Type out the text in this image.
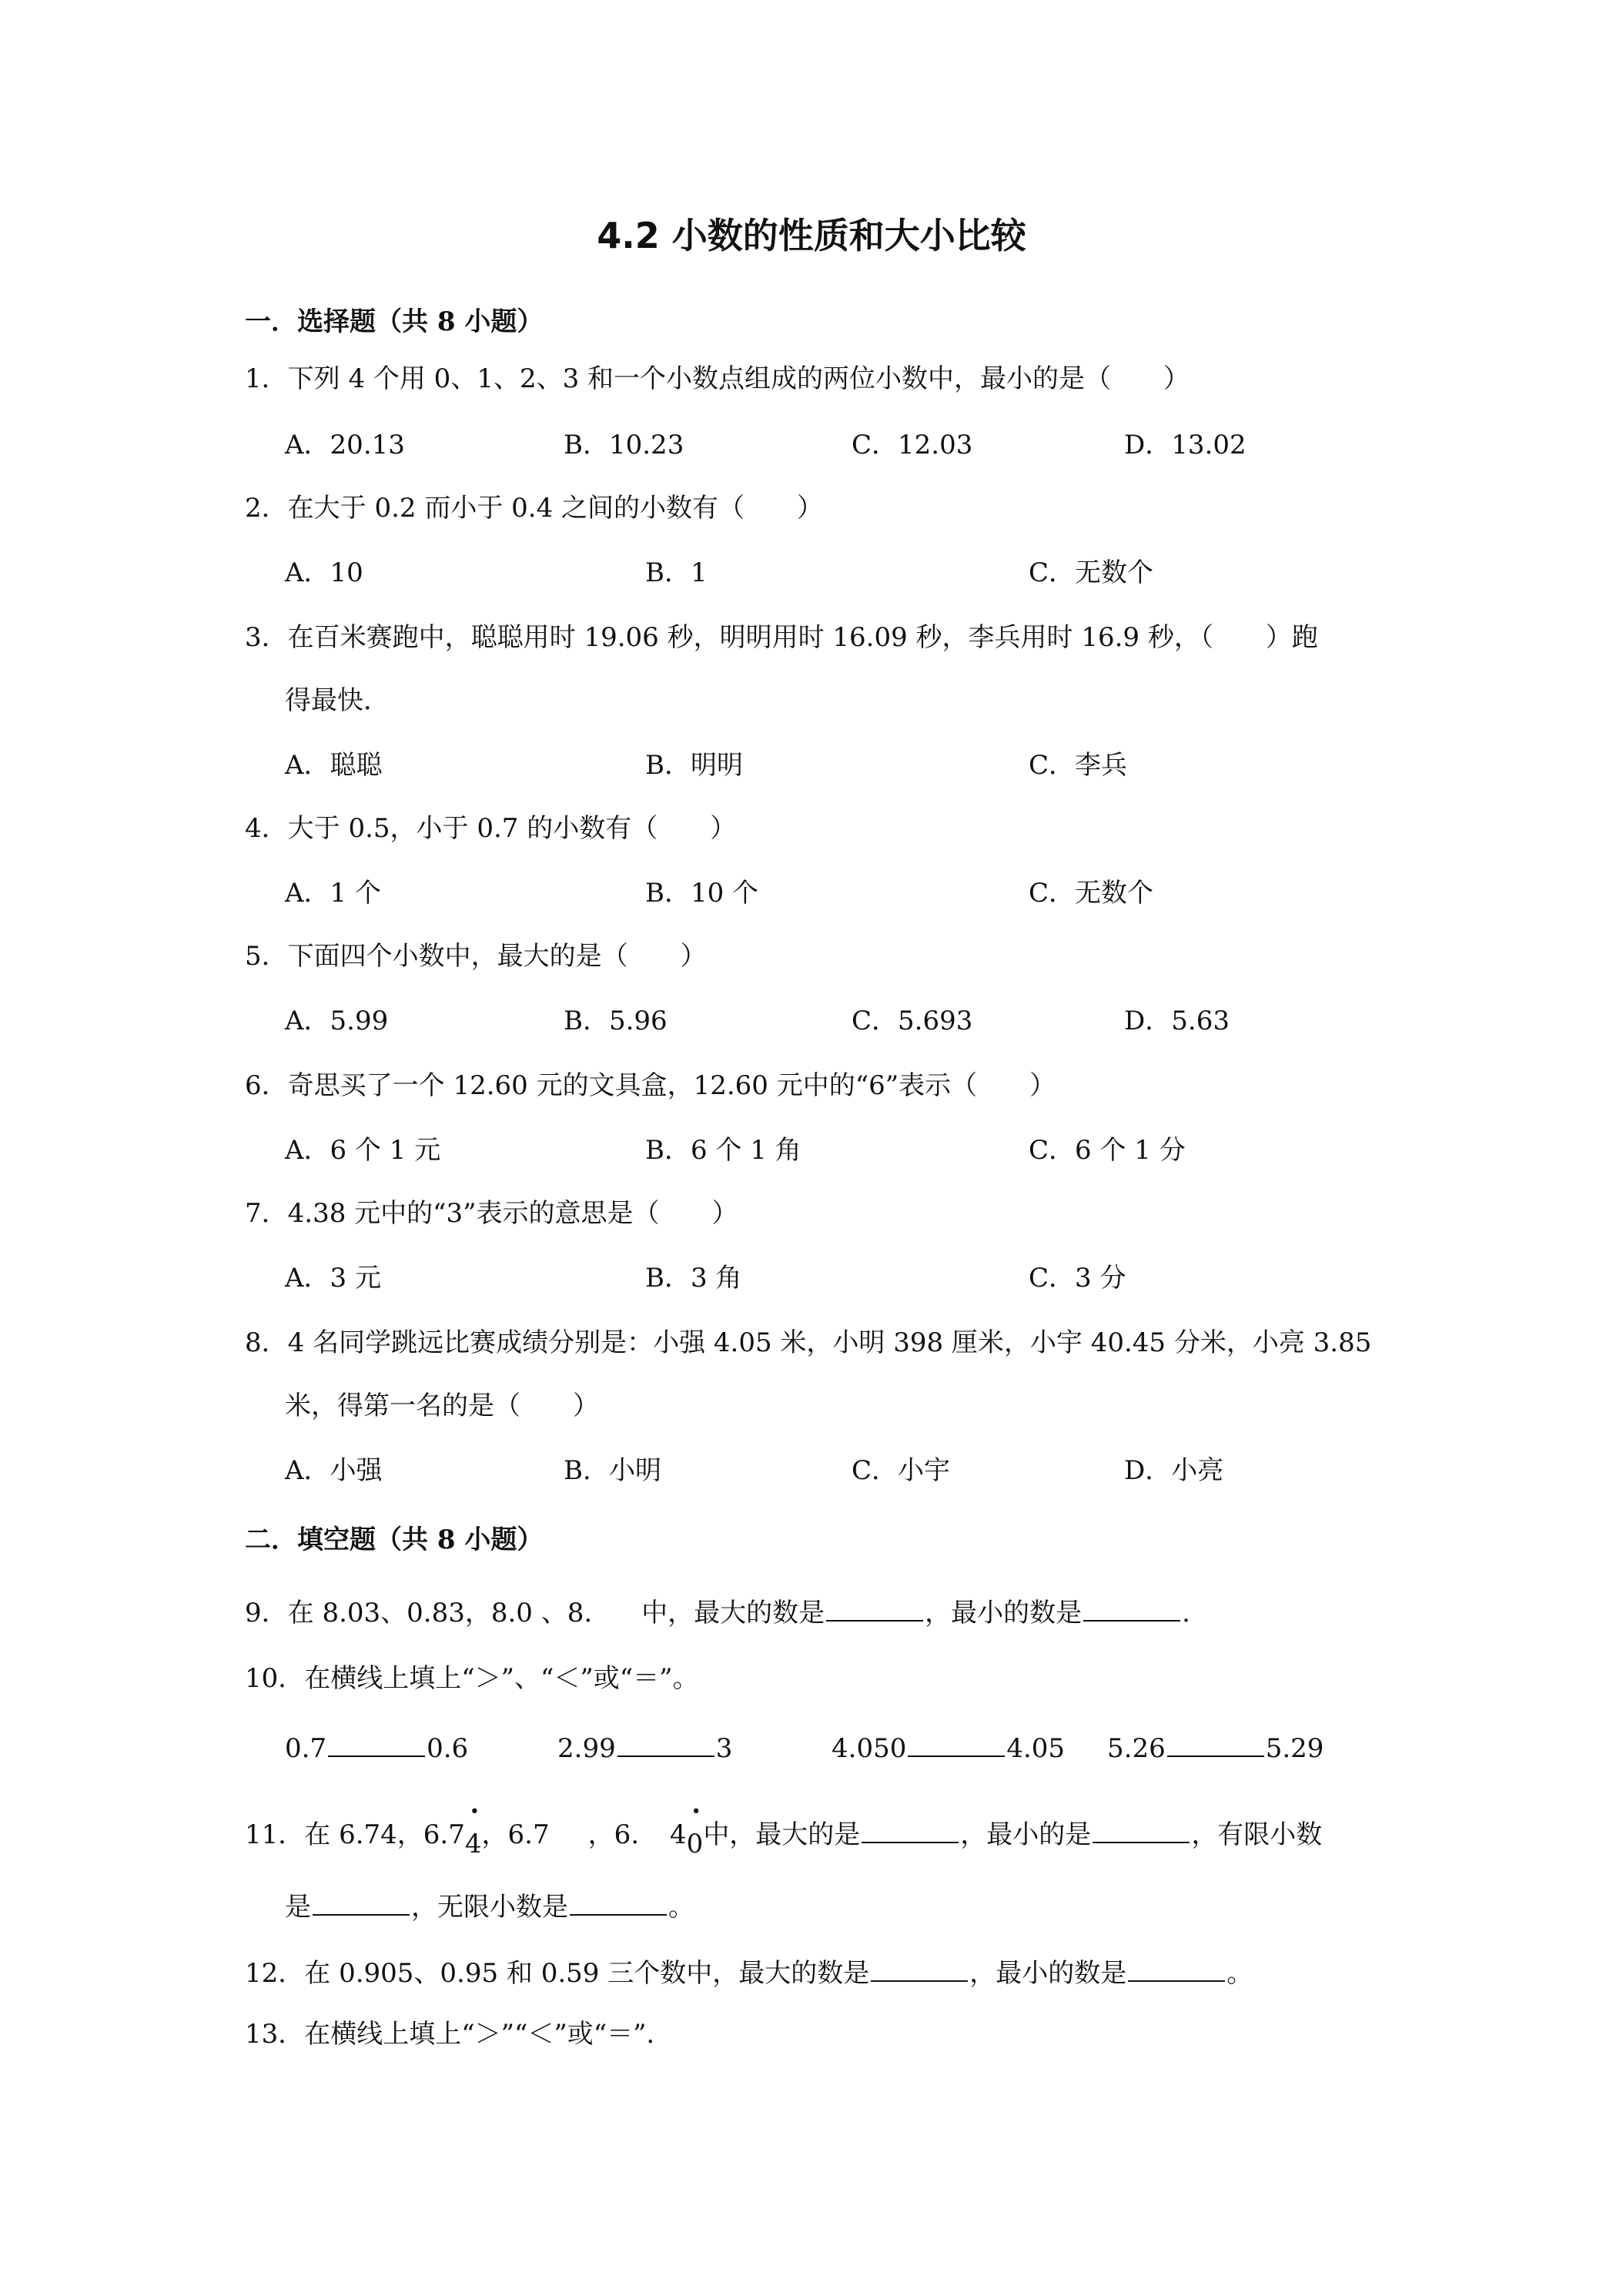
4.2 小数的性质和大小比较
一．选择题（共 8 小题）
1．下列 4 个用 0、1、2、3 和一个小数点组成的两位小数中，最小的是（　　）
A．20.13	B．10.23	C．12.03	D．13.02
2．在大于 0.2 而小于 0.4 之间的小数有（　　）
A．10	B．1	C．无数个
3．在百米赛跑中，聪聪用时 19.06 秒，明明用时 16.09 秒，李兵用时 16.9 秒，（　　）跑
得最快．
A．聪聪	B．明明	C．李兵
4．大于 0.5，小于 0.7 的小数有（　　）
A．1 个	B．10 个	C．无数个
5．下面四个小数中，最大的是（　　）
A．5.99	B．5.96	C．5.693	D．5.63
6．奇思买了一个 12.60 元的文具盒，12.60 元中的“6”表示（　　）
A．6 个 1 元	B．6 个 1 角	C．6 个 1 分
7．4.38 元中的“3”表示的意思是（　　）
A．3 元	B．3 角	C．3 分
8．4 名同学跳远比赛成绩分别是：小强 4.05 米，小明 398 厘米，小宇 40.45 分米，小亮 3.85
米，得第一名的是（　　）
A．小强	B．小明	C．小宇	D．小亮
二．填空题（共 8 小题）
9．在 8.03、0.83，8.0 、8. 中，最大的数是	，最小的数是	.
10．在横线上填上“＞”、“＜”或“＝”。
0.7	0.6	2.99	3	4.050	4.05 5.26	5.29
11．在 6.74，6.7
•
4，6.7 ，6. 4
•
0中，最大的是	，最小的是	，有限小数
是	，无限小数是	。
12．在 0.905、0.95 和 0.59 三个数中，最大的数是	，最小的数是	。
13．在横线上填上“＞”“＜”或“＝”．
